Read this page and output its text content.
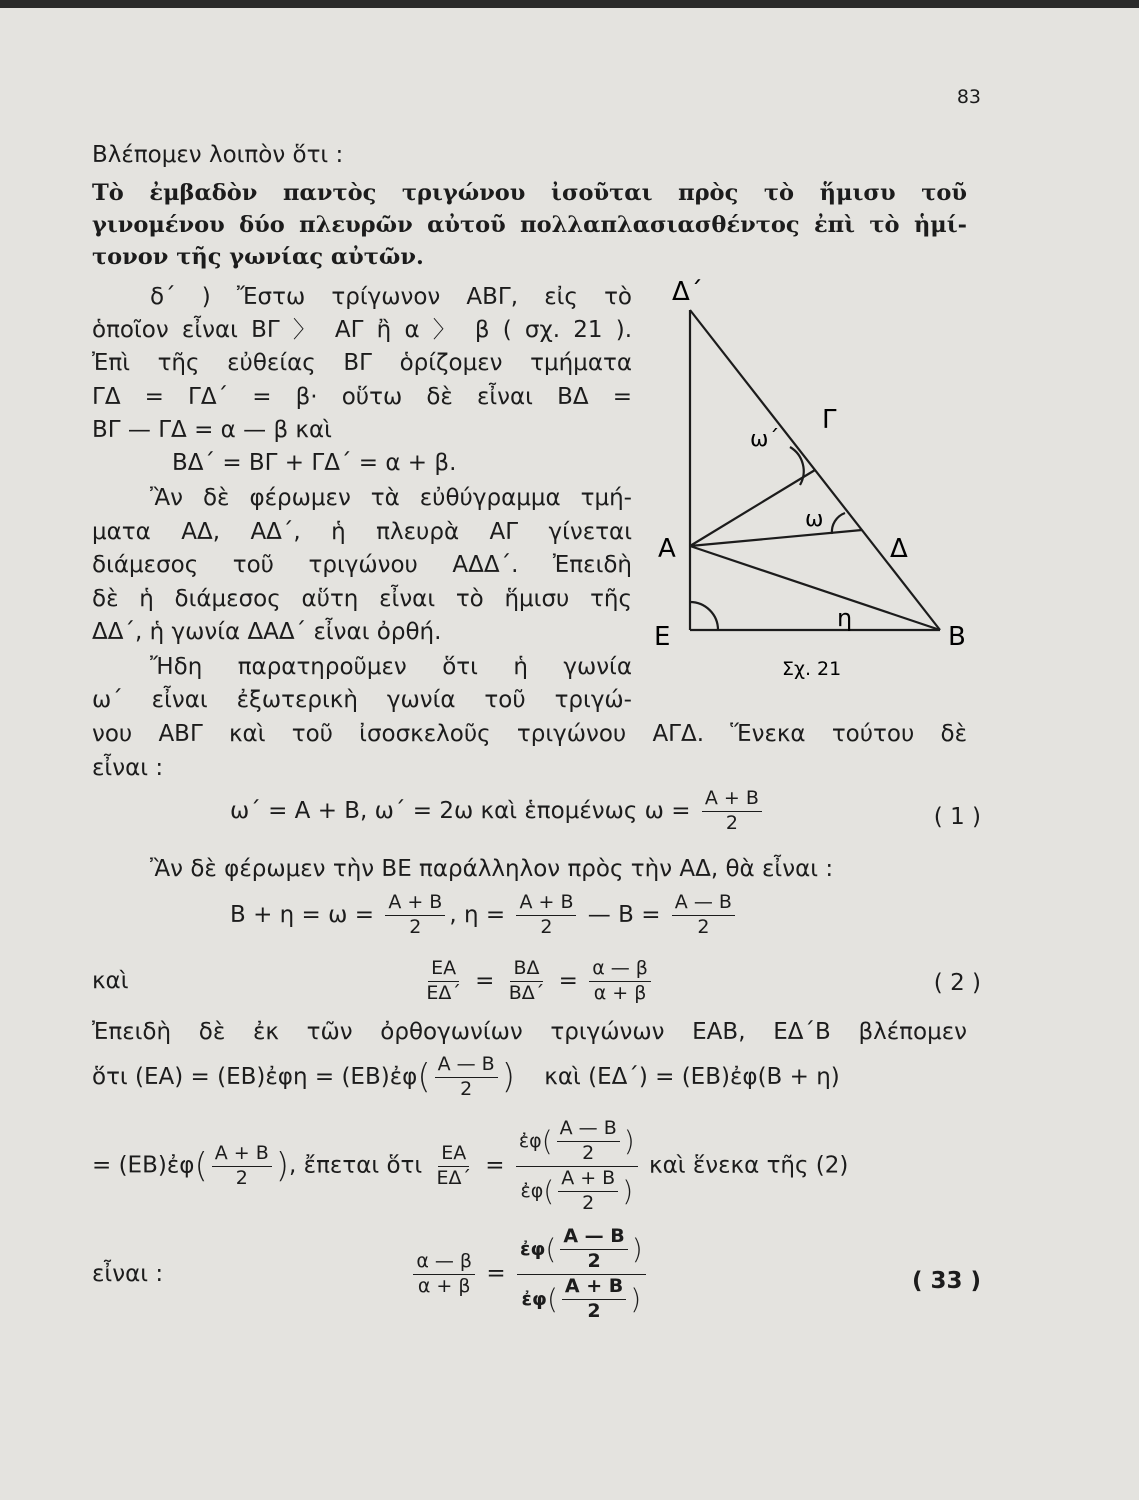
83
Βλέπομεν λοιπὸν ὅτι :
Τὸ ἐμβαδὸν παντὸς τριγώνου ἰσοῦται πρὸς τὸ ἥμισυ τοῦ
γινομένου δύο πλευρῶν αὐτοῦ πολλαπλασιασθέντος ἐπὶ τὸ ἡμί-
τονον τῆς γωνίας αὐτῶν.
δ΄ ) Ἔστω τρίγωνον ΑΒΓ, εἰς τὸ
ὁποῖον εἶναι ΒΓ 〉 ΑΓ ἢ α 〉 β ( σχ. 21 ).
Ἐπὶ τῆς εὐθείας ΒΓ ὁρίζομεν τμήματα
ΓΔ = ΓΔ΄ = β· οὕτω δὲ εἶναι ΒΔ =
ΒΓ — ΓΔ = α — β καὶ
ΒΔ΄ = ΒΓ + ΓΔ΄ = α + β.
Ἂν δὲ φέρωμεν τὰ εὐθύγραμμα τμή-
ματα ΑΔ, ΑΔ΄, ἡ πλευρὰ ΑΓ γίνεται
διάμεσος τοῦ τριγώνου ΑΔΔ΄. Ἐπειδὴ
δὲ ἡ διάμεσος αὕτη εἶναι τὸ ἥμισυ τῆς
ΔΔ΄, ἡ γωνία ΔΑΔ΄ εἶναι ὀρθή.
Ἤδη παρατηροῦμεν ὅτι ἡ γωνία
ω΄ εἶναι ἐξωτερικὴ γωνία τοῦ τριγώ-
νου ΑΒΓ καὶ τοῦ ἰσοσκελοῦς τριγώνου ΑΓΔ. Ἕνεκα τούτου δὲ
εἶναι :
Δ΄
Γ
ω΄
ω
Α	Δ
η
Ε	Β
Σχ. 21
ω΄ = Α + Β, ω΄ = 2ω καὶ ἑπομένως $\omega = \frac{A + B}{2}$	( 1 )
Ἂν δὲ φέρωμεν τὴν ΒΕ παράλληλον πρὸς τὴν ΑΔ, θὰ εἶναι :
$B + \eta = \omega = \frac{A + B}{2}$ , $\eta = \frac{A + B}{2}$ — $B = \frac{A — B}{2}$
καὶ	$\frac{EA}{E\Delta΄} = \frac{B\Delta}{B\Delta΄} = \frac{\alpha — \beta}{\alpha + \beta}$	( 2 )
Ἐπειδὴ δὲ ἐκ τῶν ὀρθογωνίων τριγώνων ΕΑΒ, ΕΔ΄Β βλέπομεν
ὅτι (ΕΑ) = (ΕΒ)ἐφη = (ΕΒ)ἐφ( $\frac{A — B}{2}$ ) καὶ (ΕΔ΄) = (ΕΒ)ἐφ(Β + η)
= (ΕΒ)ἐφ( $\frac{A + B}{2}$ ), ἔπεται ὅτι $\frac{EA}{E\Delta΄} = \frac{ἐ\varphi( \frac{A — B}{2} )}{ἐ\varphi( \frac{A + B}{2} )}$ καὶ ἕνεκα τῆς (2)
εἶναι :	$\frac{\alpha — \beta}{\alpha + \beta} = \frac{ἐ\varphi( \frac{A — B}{2} )}{ἐ\varphi( \frac{A + B}{2} )}$	( 33 )
